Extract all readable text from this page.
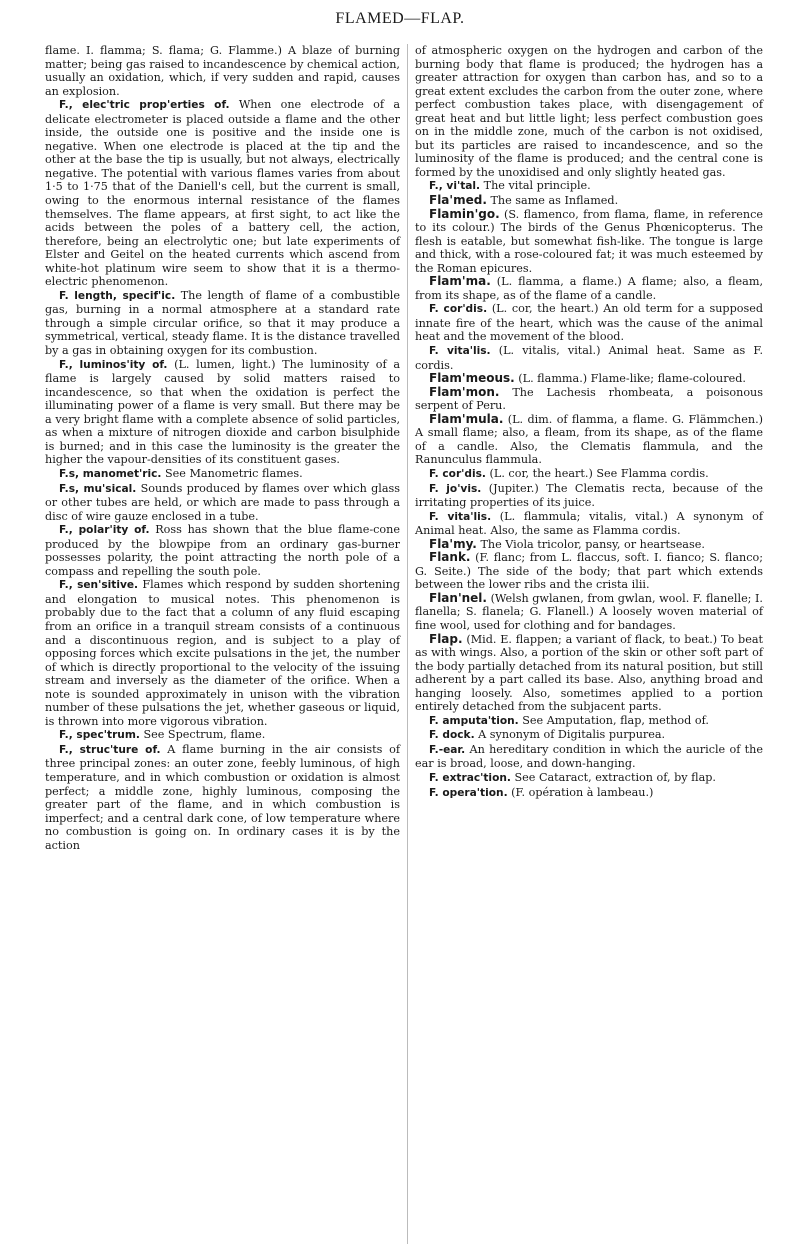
FLAMED—FLAP.

flame. I. flamma; S. flama; G. Flamme.) A blaze of burning matter; being gas raised to incandescence by chemical action, usually an oxidation, which, if very sudden and rapid, causes an explosion.

F., elec'tric prop'erties of. When one electrode of a delicate electrometer is placed outside a flame and the other inside, the outside one is positive and the inside one is negative. When one electrode is placed at the tip and the other at the base the tip is usually, but not always, electrically negative. The potential with various flames varies from about 1·5 to 1·75 that of the Daniell's cell, but the current is small, owing to the enormous internal resistance of the flames themselves. The flame appears, at first sight, to act like the acids between the poles of a battery cell, the action, therefore, being an electrolytic one; but late experiments of Elster and Geitel on the heated currents which ascend from white-hot platinum wire seem to show that it is a thermo-electric phenomenon.

F. length, specif'ic. The length of flame of a combustible gas, burning in a normal atmosphere at a standard rate through a simple circular orifice, so that it may produce a symmetrical, vertical, steady flame. It is the distance travelled by a gas in obtaining oxygen for its combustion.

F., luminos'ity of. (L. lumen, light.) The luminosity of a flame is largely caused by solid matters raised to incandescence, so that when the oxidation is perfect the illuminating power of a flame is very small. But there may be a very bright flame with a complete absence of solid particles, as when a mixture of nitrogen dioxide and carbon bisulphide is burned; and in this case the luminosity is the greater the higher the vapour-densities of its constituent gases.

F.s, manomet'ric. See Manometric flames.

F.s, mu'sical. Sounds produced by flames over which glass or other tubes are held, or which are made to pass through a disc of wire gauze enclosed in a tube.

F., polar'ity of. Ross has shown that the blue flame-cone produced by the blowpipe from an ordinary gas-burner possesses polarity, the point attracting the north pole of a compass and repelling the south pole.

F., sen'sitive. Flames which respond by sudden shortening and elongation to musical notes. This phenomenon is probably due to the fact that a column of any fluid escaping from an orifice in a tranquil stream consists of a continuous and a discontinuous region, and is subject to a play of opposing forces which excite pulsations in the jet, the number of which is directly proportional to the velocity of the issuing stream and inversely as the diameter of the orifice. When a note is sounded approximately in unison with the vibration number of these pulsations the jet, whether gaseous or liquid, is thrown into more vigorous vibration.

F., spec'trum. See Spectrum, flame.

F., struc'ture of. A flame burning in the air consists of three principal zones: an outer zone, feebly luminous, of high temperature, and in which combustion or oxidation is almost perfect; a middle zone, highly luminous, composing the greater part of the flame, and in which combustion is imperfect; and a central dark cone, of low temperature where no combustion is going on. In ordinary cases it is by the action

of atmospheric oxygen on the hydrogen and carbon of the burning body that flame is produced; the hydrogen has a greater attraction for oxygen than carbon has, and so to a great extent excludes the carbon from the outer zone, where perfect combustion takes place, with disengagement of great heat and but little light; less perfect combustion goes on in the middle zone, much of the carbon is not oxidised, but its particles are raised to incandescence, and so the luminosity of the flame is produced; and the central cone is formed by the unoxidised and only slightly heated gas.

F., vi'tal. The vital principle.

Fla'med. The same as Inflamed.

Flamin'go. (S. flamenco, from flama, flame, in reference to its colour.) The birds of the Genus Phœnicopterus. The flesh is eatable, but somewhat fish-like. The tongue is large and thick, with a rose-coloured fat; it was much esteemed by the Roman epicures.

Flam'ma. (L. flamma, a flame.) A flame; also, a fleam, from its shape, as of the flame of a candle.

F. cor'dis. (L. cor, the heart.) An old term for a supposed innate fire of the heart, which was the cause of the animal heat and the movement of the blood.

F. vita'lis. (L. vitalis, vital.) Animal heat. Same as F. cordis.

Flam'meous. (L. flamma.) Flame-like; flame-coloured.

Flam'mon. The Lachesis rhombeata, a poisonous serpent of Peru.

Flam'mula. (L. dim. of flamma, a flame. G. Flämmchen.) A small flame; also, a fleam, from its shape, as of the flame of a candle. Also, the Clematis flammula, and the Ranunculus flammula.

F. cor'dis. (L. cor, the heart.) See Flamma cordis.

F. jo'vis. (Jupiter.) The Clematis recta, because of the irritating properties of its juice.

F. vita'lis. (L. flammula; vitalis, vital.) A synonym of Animal heat. Also, the same as Flamma cordis.

Fla'my. The Viola tricolor, pansy, or heartsease.

Flank. (F. flanc; from L. flaccus, soft. I. fianco; S. flanco; G. Seite.) The side of the body; that part which extends between the lower ribs and the crista ilii.

Flan'nel. (Welsh gwlanen, from gwlan, wool. F. flanelle; I. flanella; S. flanela; G. Flanell.) A loosely woven material of fine wool, used for clothing and for bandages.

Flap. (Mid. E. flappen; a variant of flack, to beat.) To beat as with wings. Also, a portion of the skin or other soft part of the body partially detached from its natural position, but still adherent by a part called its base. Also, anything broad and hanging loosely. Also, sometimes applied to a portion entirely detached from the subjacent parts.

F. amputa'tion. See Amputation, flap, method of.

F. dock. A synonym of Digitalis purpurea.

F.-ear. An hereditary condition in which the auricle of the ear is broad, loose, and down-hanging.

F. extrac'tion. See Cataract, extraction of, by flap.

F. opera'tion. (F. opération à lambeau.)
